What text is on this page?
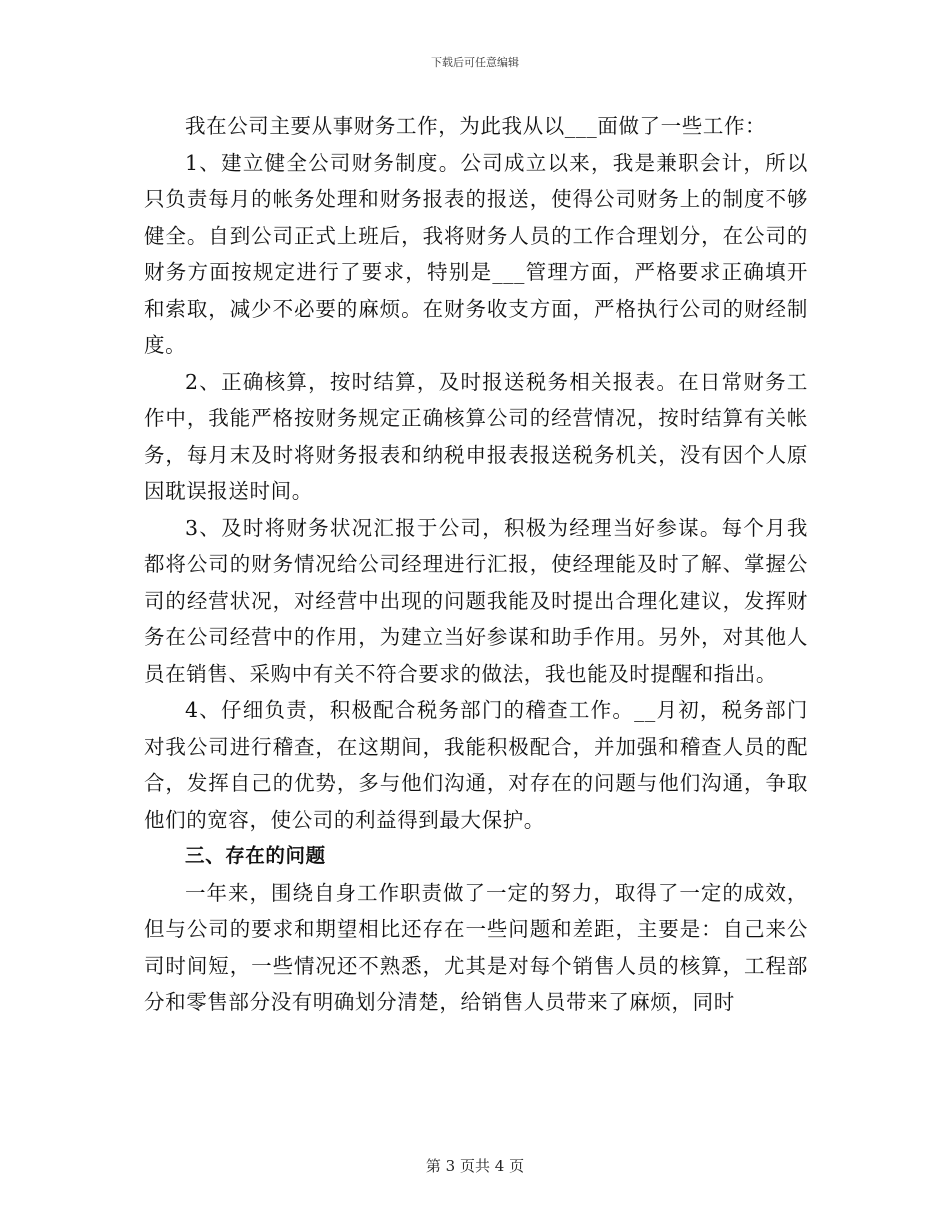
下载后可任意编辑

我在公司主要从事财务工作，为此我从以___面做了一些工作：

1、建立健全公司财务制度。公司成立以来，我是兼职会计，所以只负责每月的帐务处理和财务报表的报送，使得公司财务上的制度不够健全。自到公司正式上班后，我将财务人员的工作合理划分，在公司的财务方面按规定进行了要求，特别是___管理方面，严格要求正确填开和索取，减少不必要的麻烦。在财务收支方面，严格执行公司的财经制度。

2、正确核算，按时结算，及时报送税务相关报表。在日常财务工作中，我能严格按财务规定正确核算公司的经营情况，按时结算有关帐务，每月末及时将财务报表和纳税申报表报送税务机关，没有因个人原因耽误报送时间。

3、及时将财务状况汇报于公司，积极为经理当好参谋。每个月我都将公司的财务情况给公司经理进行汇报，使经理能及时了解、掌握公司的经营状况，对经营中出现的问题我能及时提出合理化建议，发挥财务在公司经营中的作用，为建立当好参谋和助手作用。另外，对其他人员在销售、采购中有关不符合要求的做法，我也能及时提醒和指出。

4、仔细负责，积极配合税务部门的稽查工作。__月初，税务部门对我公司进行稽查，在这期间，我能积极配合，并加强和稽查人员的配合，发挥自己的优势，多与他们沟通，对存在的问题与他们沟通，争取他们的宽容，使公司的利益得到最大保护。

三、存在的问题

一年来，围绕自身工作职责做了一定的努力，取得了一定的成效，但与公司的要求和期望相比还存在一些问题和差距，主要是：自己来公司时间短，一些情况还不熟悉，尤其是对每个销售人员的核算，工程部分和零售部分没有明确划分清楚，给销售人员带来了麻烦，同时

第 3 页共 4 页
